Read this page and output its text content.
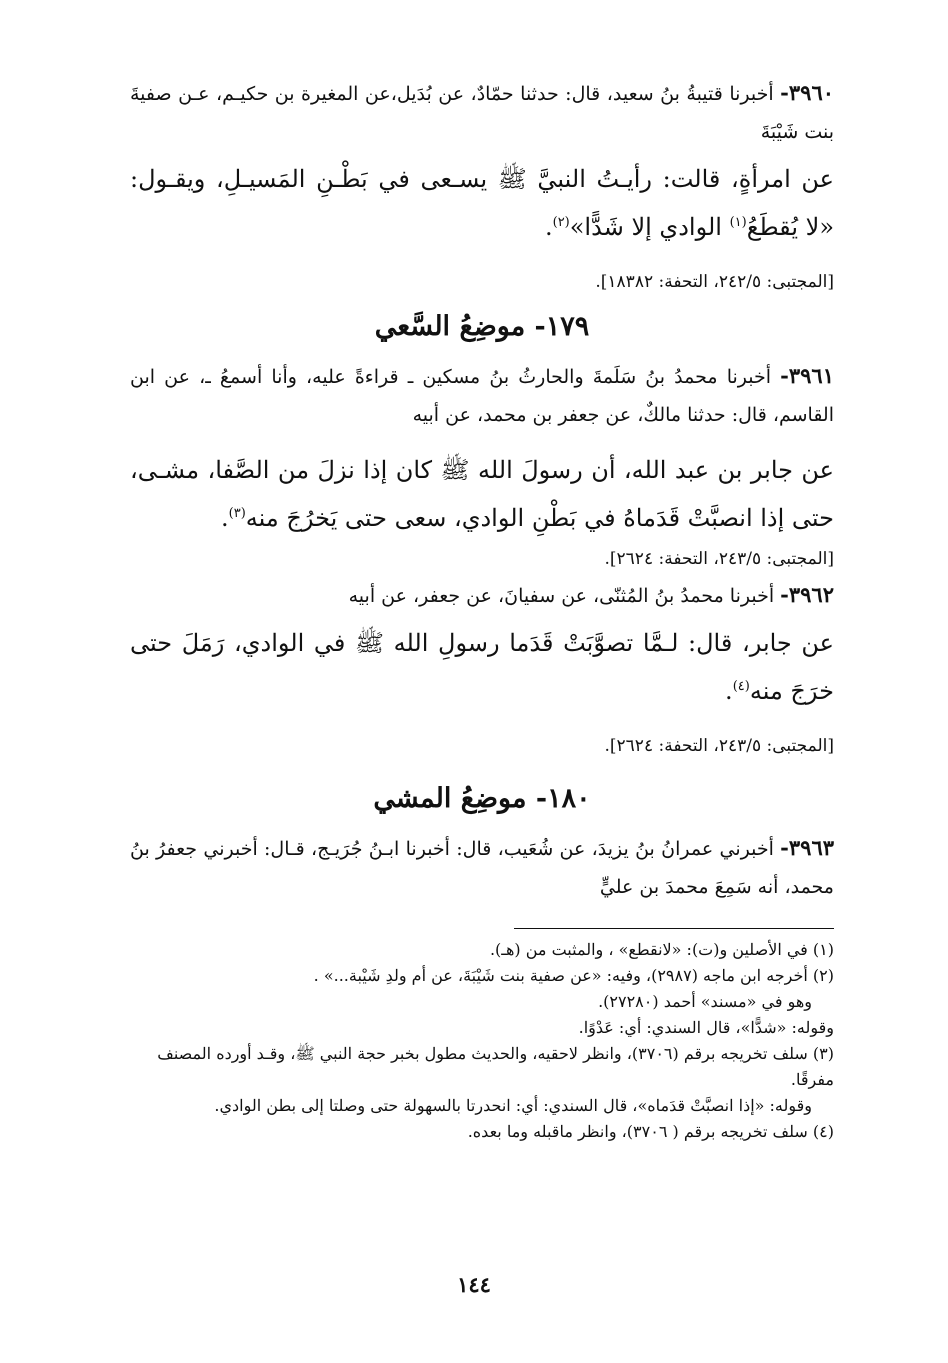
٣٩٦٠- أخبرنا قتيبةُ بنُ سعيد، قال: حدثنا حمّادٌ، عن بُدَيل،عن المغيرة بن حكيـم، عـن صفيةَ بنت شَيْبَةَ

عن امرأةٍ، قالت: رأيـتُ النبيَّ ﷺ يسـعى في بَطْـنِ المَسيـلِ، ويقـول: «لا يُقطَعُ$^{(١)}$ الوادي إلا شَدًّا»$^{(٢)}$.

[المجتبى: ٢٤٢/٥، التحفة: ١٨٣٨٢].

١٧٩- موضِعُ السَّعي

٣٩٦١- أخبرنا محمدُ بنُ سَلَمةَ والحارثُ بنُ مسكين ـ قراءةً عليه، وأنا أسمعُ ـ، عن ابن القاسم، قال: حدثنا مالكٌ، عن جعفر بن محمد، عن أبيه

عن جابر بن عبد الله، أن رسولَ الله ﷺ كان إذا نزلَ من الصَّفا، مشـى، حتى إذا انصبَّتْ قَدَماهُ في بَطْنِ الوادي، سعى حتى يَخرُجَ منه$^{(٣)}$.

[المجتبى: ٢٤٣/٥، التحفة: ٢٦٢٤].

٣٩٦٢- أخبرنا محمدُ بنُ المُثنّى، عن سفيانَ، عن جعفر، عن أبيه

عن جابر، قال: لـمَّا تصوَّبَتْ قَدَما رسولِ الله ﷺ في الوادي، رَمَلَ حتى خرَجَ منه$^{(٤)}$.

[المجتبى: ٢٤٣/٥، التحفة: ٢٦٢٤].

١٨٠- موضِعُ المشي

٣٩٦٣- أخبرني عمرانُ بنُ يزيدَ، عن شُعَيب، قال: أخبرنا ابـنُ جُرَيـج، قـال: أخبرني جعفرُ بنُ محمد، أنه سَمِعَ محمدَ بن عليٍّ

(١) في الأصلين و(ت): «لانقطع» ، والمثبت من (هـ).

(٢) أخرجه ابن ماجه (٢٩٨٧)، وفيه: «عن صفية بنت شَيْبَةَ، عن أم ولدِ شَيْبة...» .

وهو في «مسند» أحمد (٢٧٢٨٠).

وقوله: «شدًّا»، قال السندي: أي: عَدْوًا.

(٣) سلف تخريجه برقم (٣٧٠٦)، وانظر لاحقيه، والحديث مطول بخبر حجة النبي ﷺ، وقـد أورده المصنف مفرقًا.

وقوله: «إذا انصبَّتْ قدَماه»، قال السندي: أي: انحدرتا بالسهولة حتى وصلتا إلى بطن الوادي.

(٤) سلف تخريجه برقم ( ٣٧٠٦)، وانظر ماقبله وما بعده.

١٤٤
